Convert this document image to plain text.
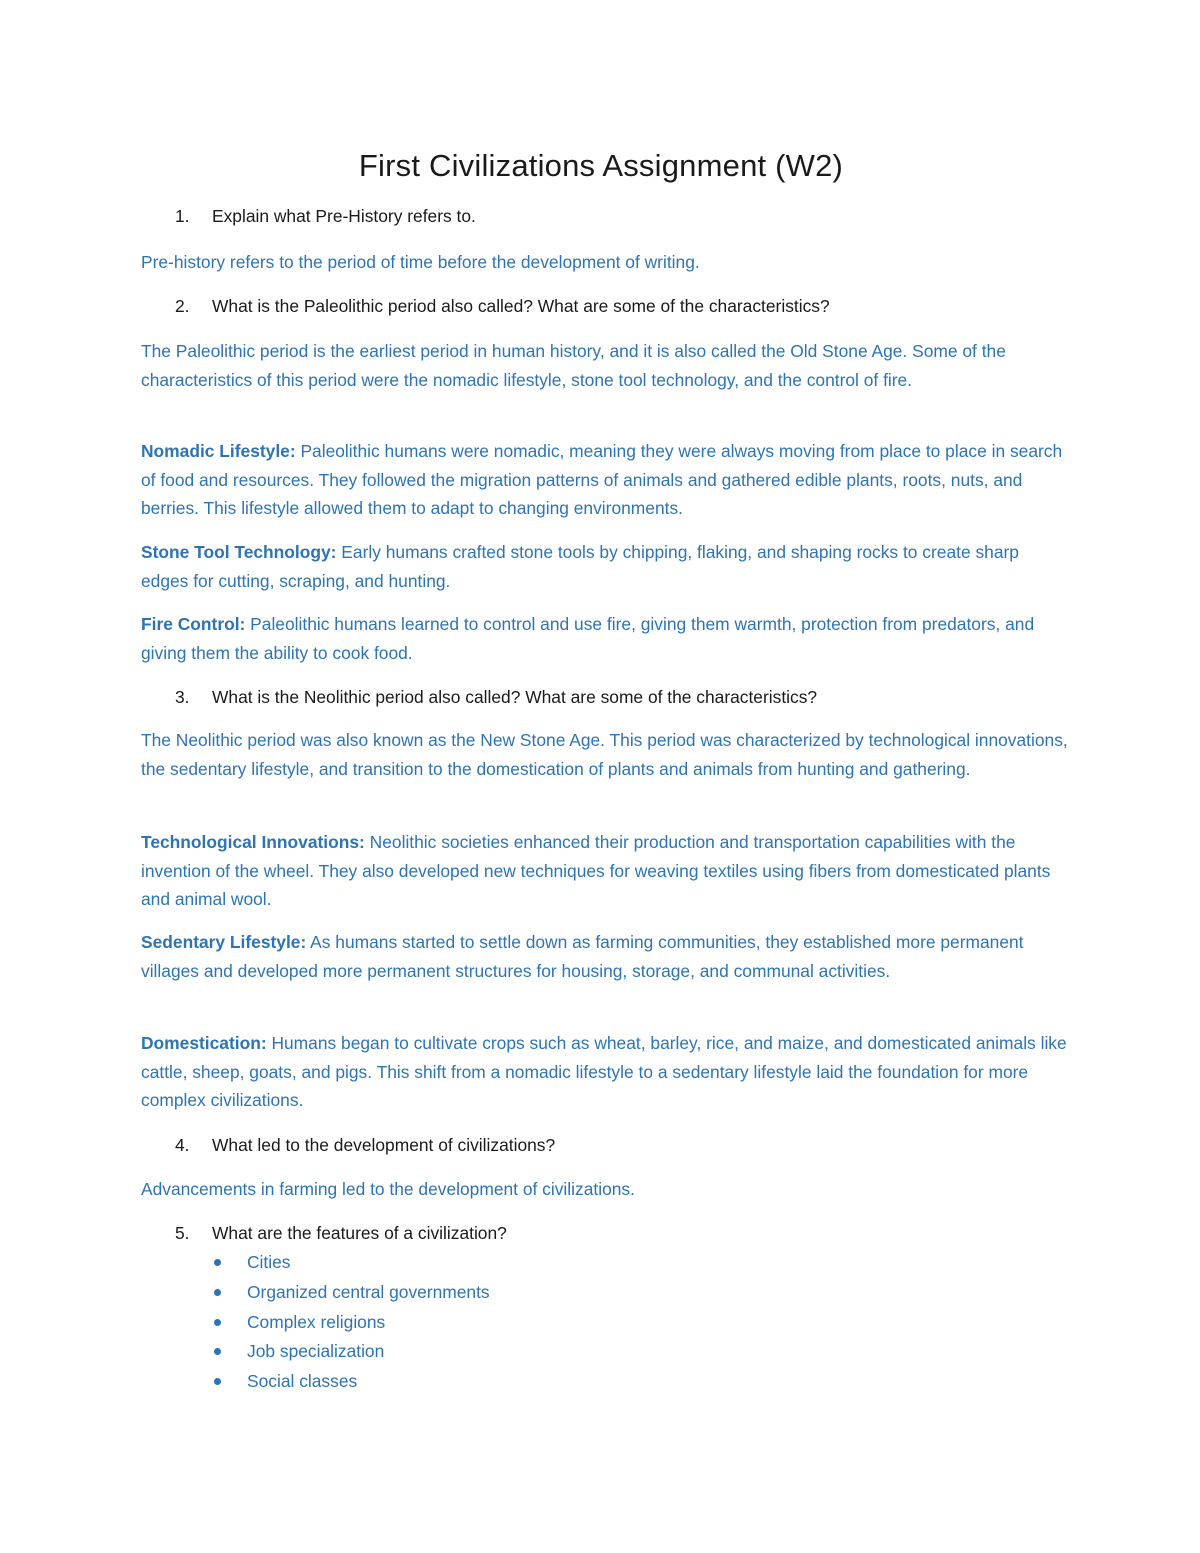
First Civilizations Assignment (W2)
1. Explain what Pre-History refers to.

Pre-history refers to the period of time before the development of writing.

2. What is the Paleolithic period also called? What are some of the characteristics?

The Paleolithic period is the earliest period in human history, and it is also called the Old Stone Age. Some of the characteristics of this period were the nomadic lifestyle, stone tool technology, and the control of fire.

Nomadic Lifestyle: Paleolithic humans were nomadic, meaning they were always moving from place to place in search of food and resources. They followed the migration patterns of animals and gathered edible plants, roots, nuts, and berries. This lifestyle allowed them to adapt to changing environments.

Stone Tool Technology: Early humans crafted stone tools by chipping, flaking, and shaping rocks to create sharp edges for cutting, scraping, and hunting.

Fire Control: Paleolithic humans learned to control and use fire, giving them warmth, protection from predators, and giving them the ability to cook food.

3. What is the Neolithic period also called? What are some of the characteristics?

The Neolithic period was also known as the New Stone Age. This period was characterized by technological innovations, the sedentary lifestyle, and transition to the domestication of plants and animals from hunting and gathering.

Technological Innovations: Neolithic societies enhanced their production and transportation capabilities with the invention of the wheel. They also developed new techniques for weaving textiles using fibers from domesticated plants and animal wool.

Sedentary Lifestyle: As humans started to settle down as farming communities, they established more permanent villages and developed more permanent structures for housing, storage, and communal activities.

Domestication: Humans began to cultivate crops such as wheat, barley, rice, and maize, and domesticated animals like cattle, sheep, goats, and pigs. This shift from a nomadic lifestyle to a sedentary lifestyle laid the foundation for more complex civilizations.

4. What led to the development of civilizations?

Advancements in farming led to the development of civilizations.

5. What are the features of a civilization?
Cities
Organized central governments
Complex religions
Job specialization
Social classes
